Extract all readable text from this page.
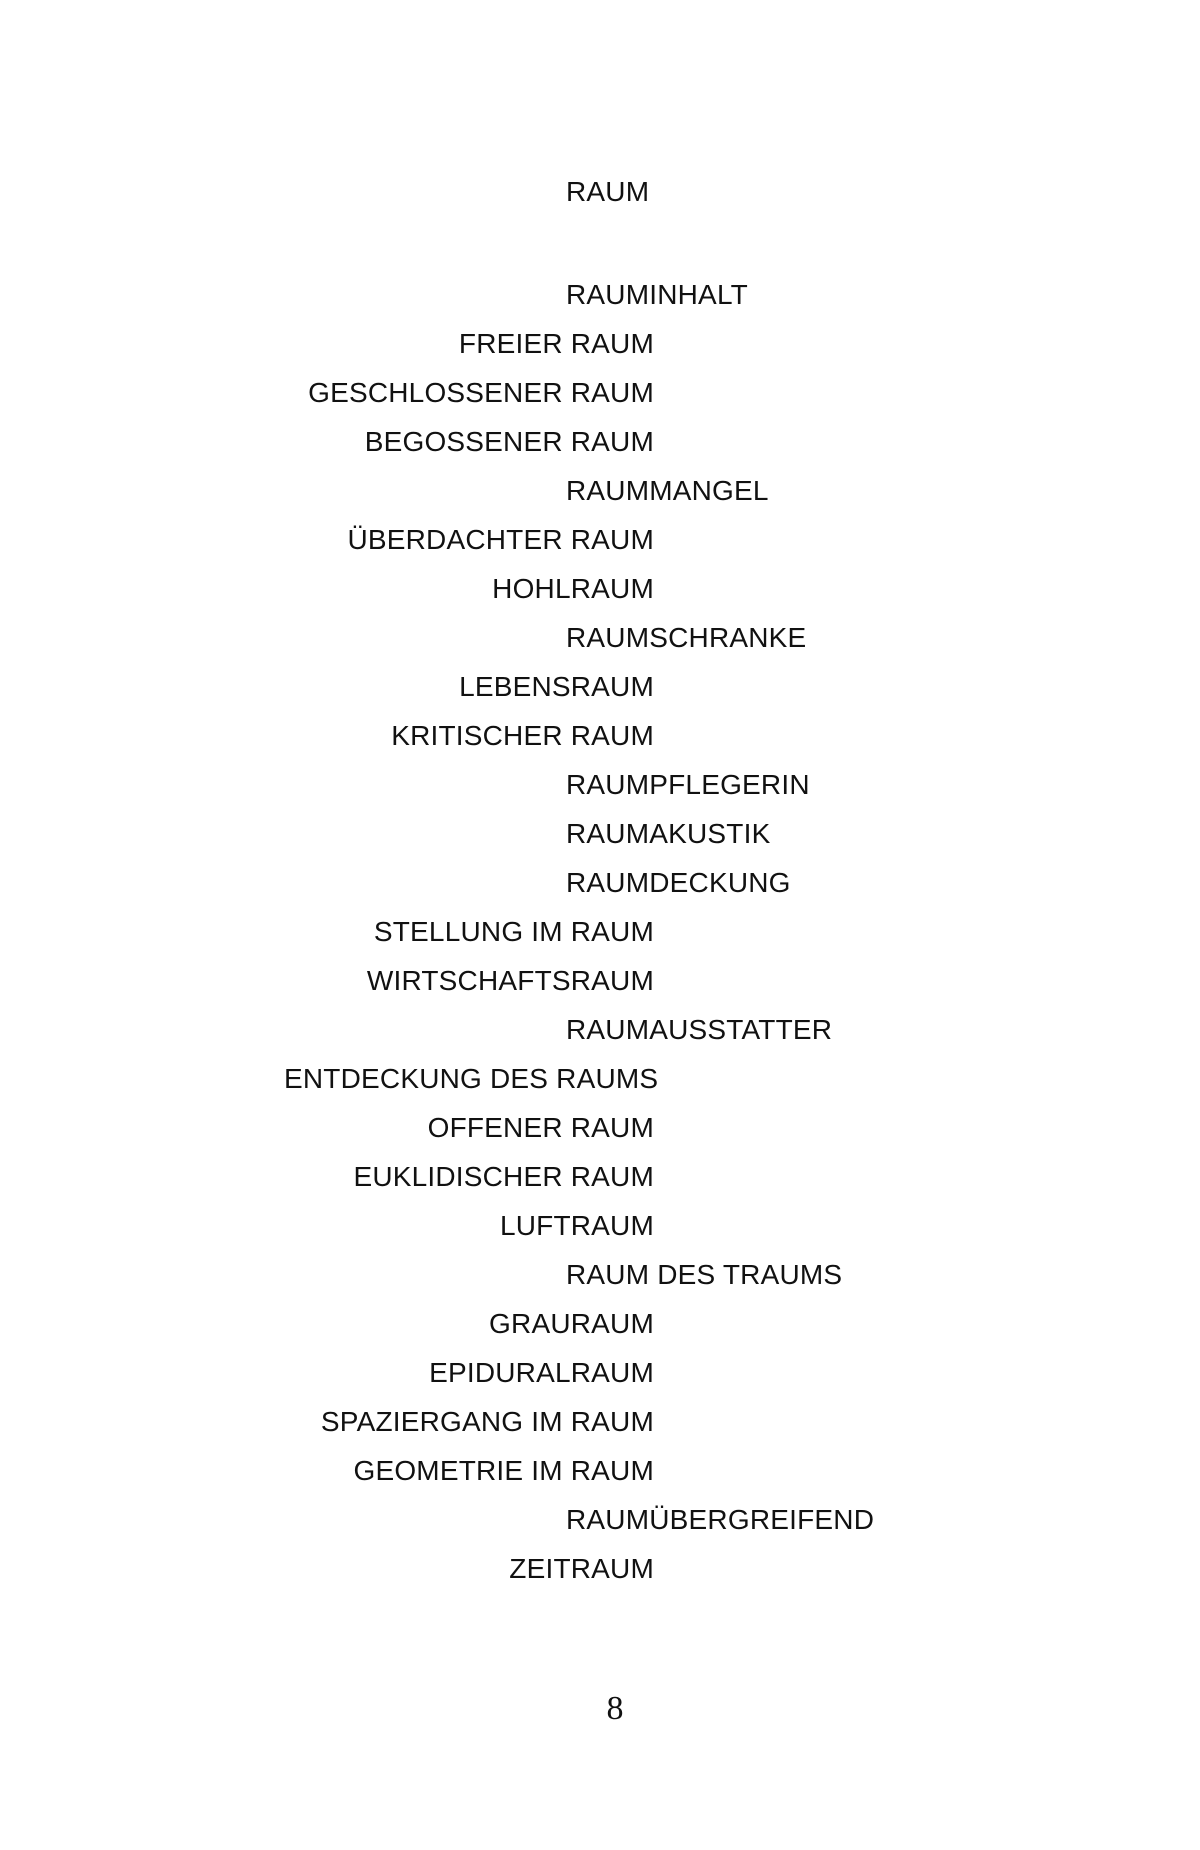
RAUM
RAUMINHALT
FREIER RAUM
GESCHLOSSENER RAUM
BEGOSSENER RAUM
RAUMMANGEL
ÜBERDACHTER RAUM
HOHLRAUM
RAUMSCHRANKE
LEBENSRAUM
KRITISCHER RAUM
RAUMPFLEGERIN
RAUMAKUSTIK
RAUMDECKUNG
STELLUNG IM RAUM
WIRTSCHAFTSRAUM
RAUMAUSSTATTER
ENTDECKUNG DES RAUMS
OFFENER RAUM
EUKLIDISCHER RAUM
LUFTRAUM
RAUM DES TRAUMS
GRAURAUM
EPIDURALRAUM
SPAZIERGANG IM RAUM
GEOMETRIE IM RAUM
RAUMÜBERGREIFEND
ZEITRAUM
8
